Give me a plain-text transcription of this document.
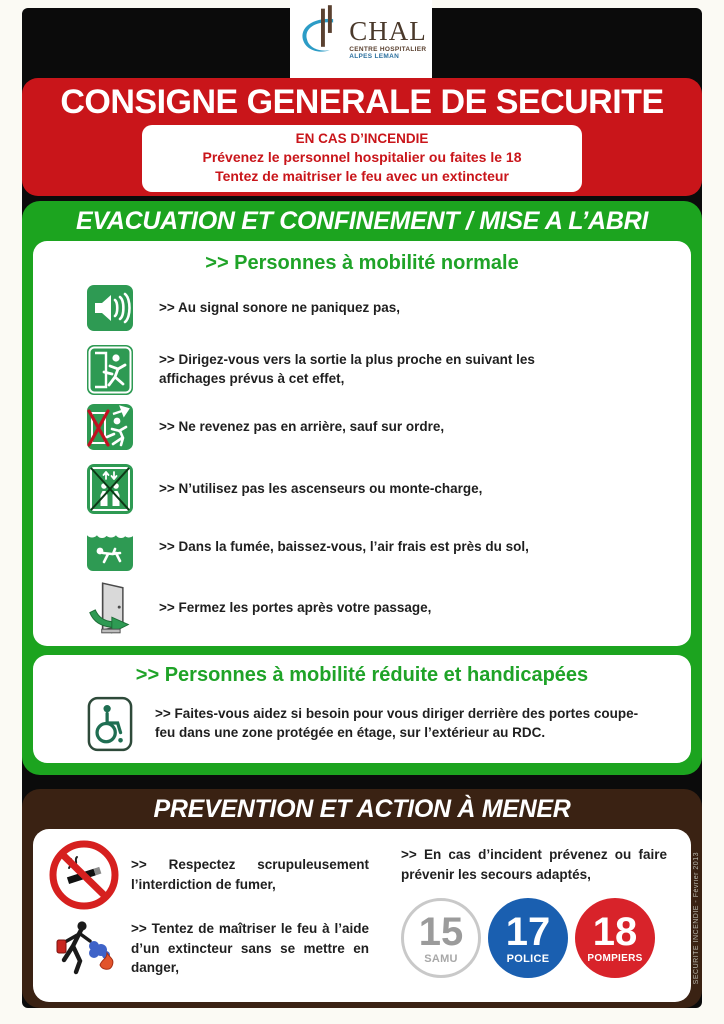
CHAL
CENTRE HOSPITALIER
ALPES LEMAN
CONSIGNE GENERALE DE SECURITE
EN CAS D’INCENDIE
Prévenez le personnel hospitalier ou faites le 18
Tentez de maitriser le feu avec un extincteur
EVACUATION ET CONFINEMENT / MISE A L’ABRI
>> Personnes à mobilité normale
>> Au signal sonore ne paniquez pas,
>> Dirigez-vous vers la sortie la plus proche en suivant les affichages prévus à cet effet,
>> Ne revenez pas en arrière, sauf sur ordre,
>> N’utilisez pas les ascenseurs ou monte-charge,
>> Dans la fumée, baissez-vous, l’air frais est près du sol,
>> Fermez les portes après votre passage,
>> Personnes à mobilité réduite et handicapées
>> Faites-vous aidez si besoin pour vous diriger derrière des portes coupe-feu dans une zone protégée en étage, sur l’extérieur au RDC.
PREVENTION ET ACTION À MENER
>> Respectez scrupuleusement l’interdiction de fumer,
>> Tentez de maîtriser le feu à l’aide d’un extincteur sans se mettre en danger,
>> En cas d’incident prévenez ou faire prévenir les secours adaptés,
15
SAMU
17
POLICE
18
POMPIERS	SECURITE INCENDIE - Février 2013
